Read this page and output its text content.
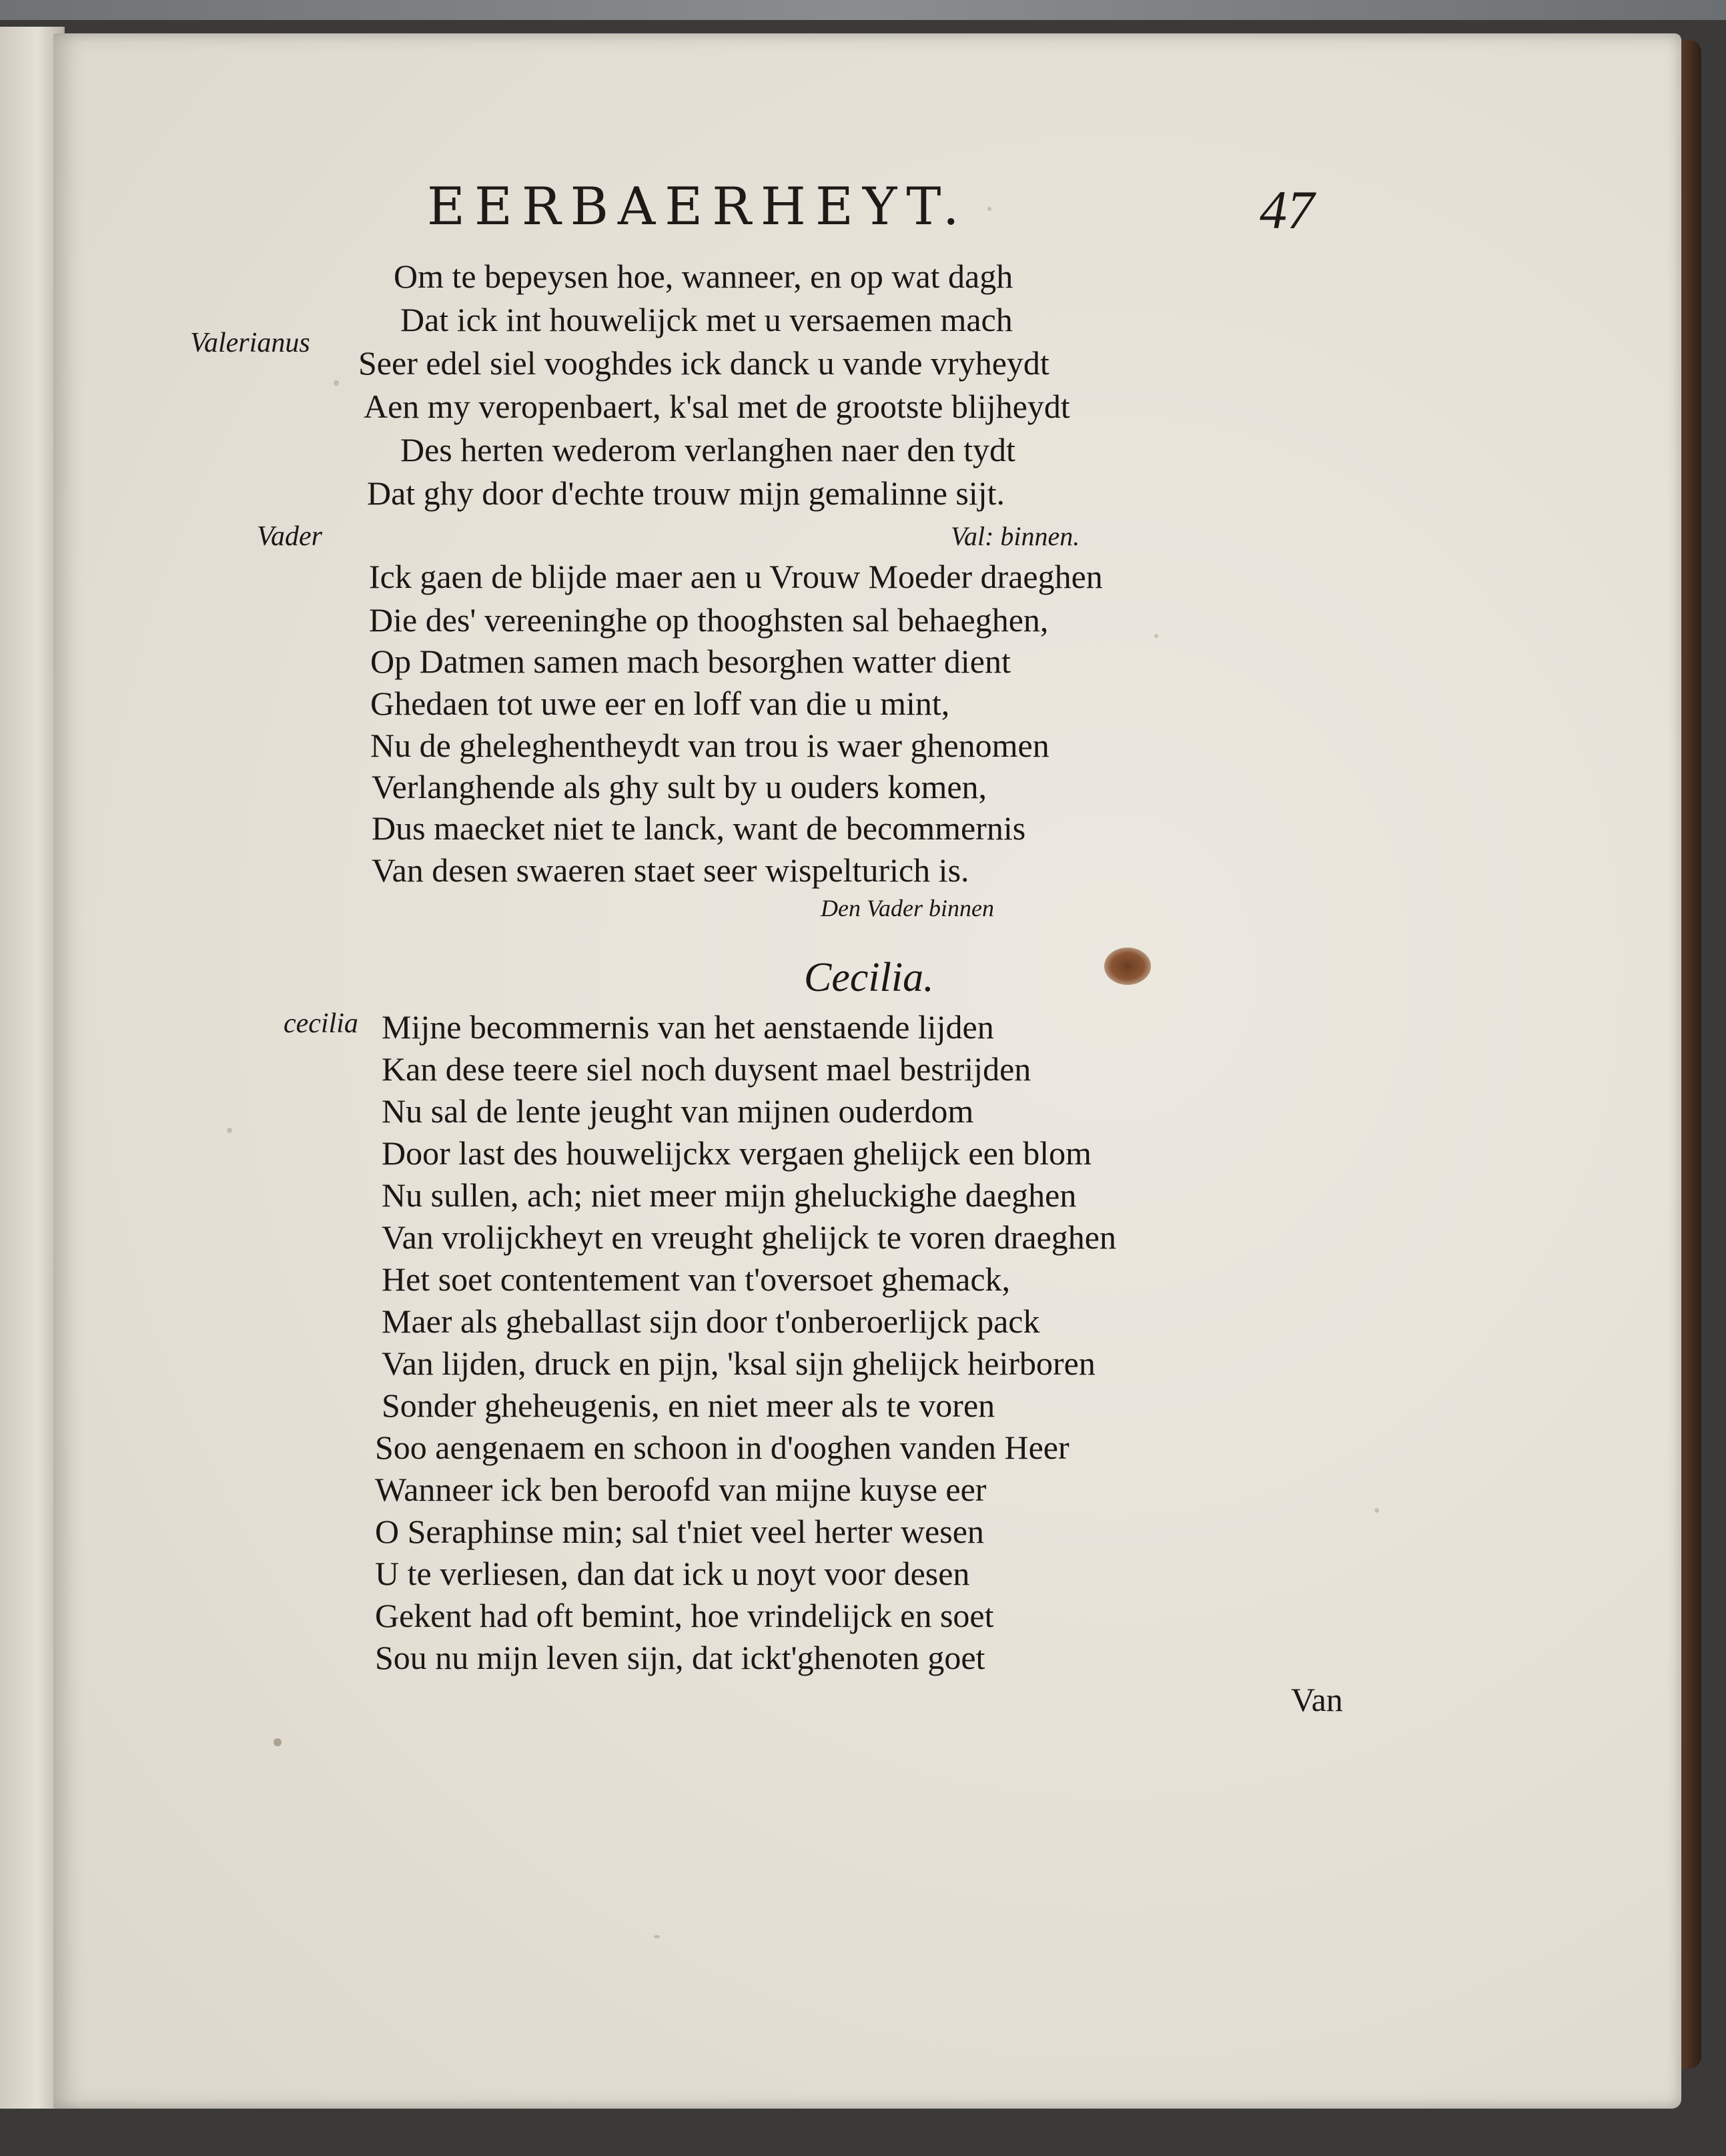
EERBAERHEYT.	47
Om te bepeysen hoe, wanneer, en op wat dagh
Valerianus
Dat ick int houwelijck met u versaemen mach
Seer edel siel vooghdes ick danck u vande vryheydt
Aen my veropenbaert, k'sal met de grootste blijheydt
Des herten wederom verlanghen naer den tydt
Dat ghy door d'echte trouw mijn gemalinne sijt.
Vader	Val: binnen.
Ick gaen de blijde maer aen u Vrouw Moeder draeghen
Die des' vereeninghe op thooghsten sal behaeghen,
Op Datmen samen mach besorghen watter dient
Ghedaen tot uwe eer en loff van die u mint,
Nu de gheleghentheydt van trou is waer ghenomen
Verlanghende als ghy sult by u ouders komen,
Dus maecket niet te lanck, want de becommernis
Van desen swaeren staet seer wispelturich is.
Den Vader binnen
Cecilia.
cecilia Mijne becommernis van het aenstaende lijden
Kan dese teere siel noch duysent mael bestrijden
Nu sal de lente jeught van mijnen ouderdom
Door last des houwelijckx vergaen ghelijck een blom
Nu sullen, ach; niet meer mijn gheluckighe daeghen
Van vrolijckheyt en vreught ghelijck te voren draeghen
Het soet contentement van t'oversoet ghemack,
Maer als gheballast sijn door t'onberoerlijck pack
Van lijden, druck en pijn, 'ksal sijn ghelijck heirboren
Sonder gheheugenis, en niet meer als te voren
Soo aengenaem en schoon in d'ooghen vanden Heer
Wanneer ick ben beroofd van mijne kuyse eer
O Seraphinse min; sal t'niet veel herter wesen
U te verliesen, dan dat ick u noyt voor desen
Gekent had oft bemint, hoe vrindelijck en soet
Sou nu mijn leven sijn, dat ickt'ghenoten goet
Van
